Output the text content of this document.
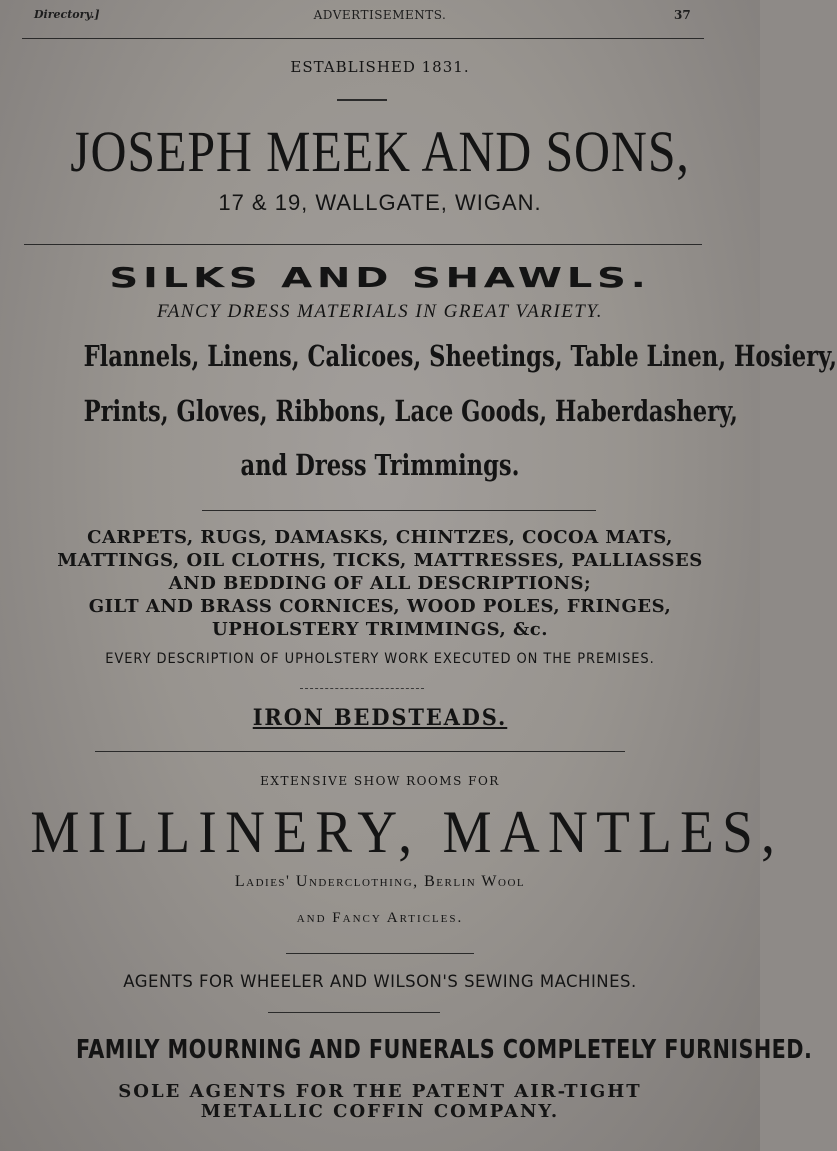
Directory.]	ADVERTISEMENTS.	37
ESTABLISHED 1831.
JOSEPH MEEK AND SONS,
17 & 19, WALLGATE, WIGAN.
SILKS AND SHAWLS.
FANCY DRESS MATERIALS IN GREAT VARIETY.
Flannels, Linens, Calicoes, Sheetings, Table Linen, Hosiery,
Prints, Gloves, Ribbons, Lace Goods, Haberdashery,
and Dress Trimmings.
CARPETS, RUGS, DAMASKS, CHINTZES, COCOA MATS,
MATTINGS, OIL CLOTHS, TICKS, MATTRESSES, PALLIASSES
AND BEDDING OF ALL DESCRIPTIONS;
GILT AND BRASS CORNICES, WOOD POLES, FRINGES,
UPHOLSTERY TRIMMINGS, &c.
EVERY DESCRIPTION OF UPHOLSTERY WORK EXECUTED ON THE PREMISES.
IRON BEDSTEADS.
EXTENSIVE SHOW ROOMS FOR
MILLINERY, MANTLES,
Ladies' Underclothing, Berlin Wool
and Fancy Articles.
AGENTS FOR WHEELER AND WILSON'S SEWING MACHINES.
FAMILY MOURNING AND FUNERALS COMPLETELY FURNISHED.
SOLE AGENTS FOR THE PATENT AIR-TIGHT
METALLIC COFFIN COMPANY.
